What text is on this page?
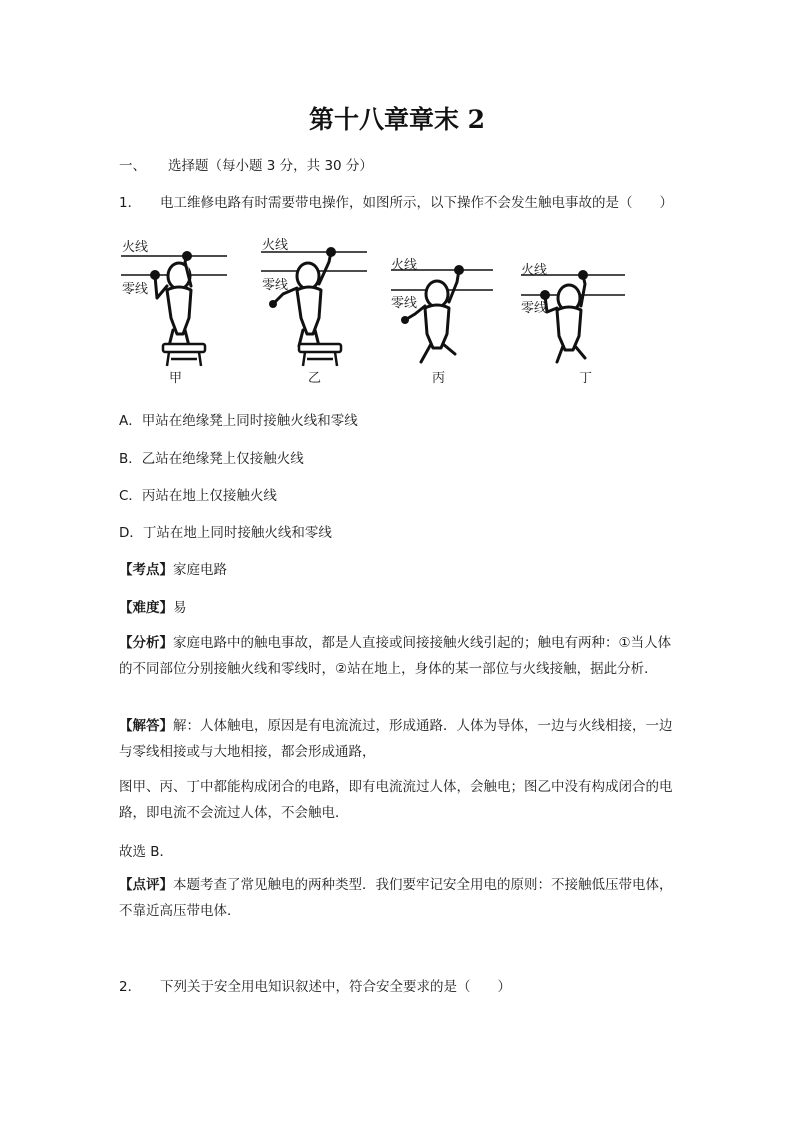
第十八章章末 2
一、 选择题（每小题 3 分，共 30 分）
1． 电工维修电路有时需要带电操作，如图所示，以下操作不会发生触电事故的是（　　）
火线
零线
火线
零线
火线
零线
火线
零线
甲	乙	丙	丁
A．甲站在绝缘凳上同时接触火线和零线
B．乙站在绝缘凳上仅接触火线
C．丙站在地上仅接触火线
D．丁站在地上同时接触火线和零线
【考点】家庭电路
【难度】易
【分析】家庭电路中的触电事故，都是人直接或间接接触火线引起的；触电有两种：①当人体的不同部位分别接触火线和零线时，②站在地上，身体的某一部位与火线接触，据此分析．
【解答】解：人体触电，原因是有电流流过，形成通路．人体为导体，一边与火线相接，一边与零线相接或与大地相接，都会形成通路，
图甲、丙、丁中都能构成闭合的电路，即有电流流过人体，会触电；图乙中没有构成闭合的电路，即电流不会流过人体，不会触电．
故选 B．
【点评】本题考查了常见触电的两种类型．我们要牢记安全用电的原则：不接触低压带电体，不靠近高压带电体．
2． 下列关于安全用电知识叙述中，符合安全要求的是（　　）
